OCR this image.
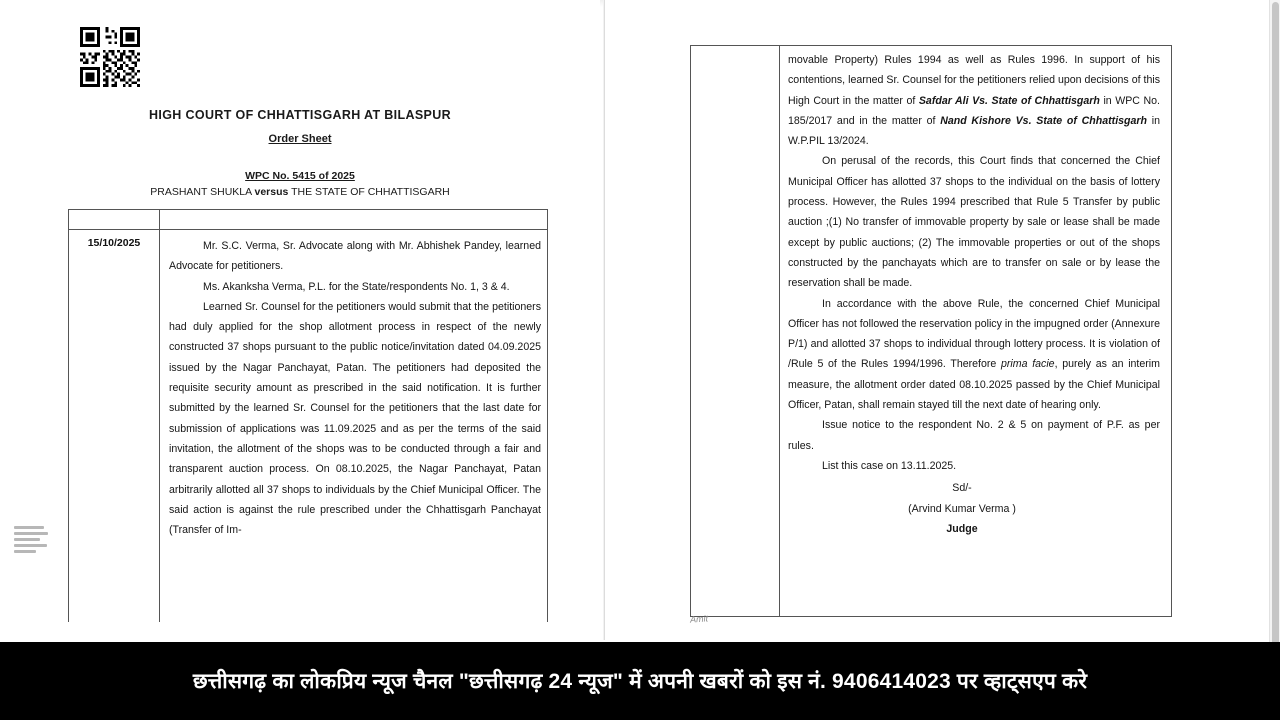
HIGH COURT OF CHHATTISGARH AT BILASPUR
Order Sheet
WPC No. 5415 of 2025
PRASHANT SHUKLA versus THE STATE OF CHHATTISGARH
15/10/2025	Mr. S.C. Verma, Sr. Advocate along with Mr. Abhishek Pandey, learned Advocate for petitioners.

Ms. Akanksha Verma, P.L. for the State/respondents No. 1, 3 & 4.

Learned Sr. Counsel for the petitioners would submit that the petitioners had duly applied for the shop allotment process in respect of the newly constructed 37 shops pursuant to the public notice/invitation dated 04.09.2025 issued by the Nagar Panchayat, Patan. The petitioners had deposited the requisite security amount as prescribed in the said notification. It is further submitted by the learned Sr. Counsel for the petitioners that the last date for submission of applications was 11.09.2025 and as per the terms of the said invitation, the allotment of the shops was to be conducted through a fair and transparent auction process. On 08.10.2025, the Nagar Panchayat, Patan arbitrarily allotted all 37 shops to individuals by the Chief Municipal Officer. The said action is against the rule prescribed under the Chhattisgarh Panchayat (Transfer of Im-

movable Property) Rules 1994 as well as Rules 1996. In support of his contentions, learned Sr. Counsel for the petitioners relied upon decisions of this High Court in the matter of Safdar Ali Vs. State of Chhattisgarh in WPC No. 185/2017 and in the matter of Nand Kishore Vs. State of Chhattisgarh in W.P.PIL 13/2024.

On perusal of the records, this Court finds that concerned the Chief Municipal Officer has allotted 37 shops to the individual on the basis of lottery process. However, the Rules 1994 prescribed that Rule 5 Transfer by public auction ;(1) No transfer of immovable property by sale or lease shall be made except by public auctions; (2) The immovable properties or out of the shops constructed by the panchayats which are to transfer on sale or by lease the reservation shall be made.

In accordance with the above Rule, the concerned Chief Municipal Officer has not followed the reservation policy in the impugned order (Annexure P/1) and allotted 37 shops to individual through lottery process. It is violation of /Rule 5 of the Rules 1994/1996. Therefore prima facie, purely as an interim measure, the allotment order dated 08.10.2025 passed by the Chief Municipal Officer, Patan, shall remain stayed till the next date of hearing only.

Issue notice to the respondent No. 2 & 5 on payment of P.F. as per rules.

List this case on 13.11.2025.

Sd/-
(Arvind Kumar Verma )
Judge
Amit
छत्तीसगढ़ का लोकप्रिय न्यूज चैनल "छत्तीसगढ़ 24 न्यूज" में अपनी खबरों को इस नं. 9406414023 पर व्हाट्सएप करे
